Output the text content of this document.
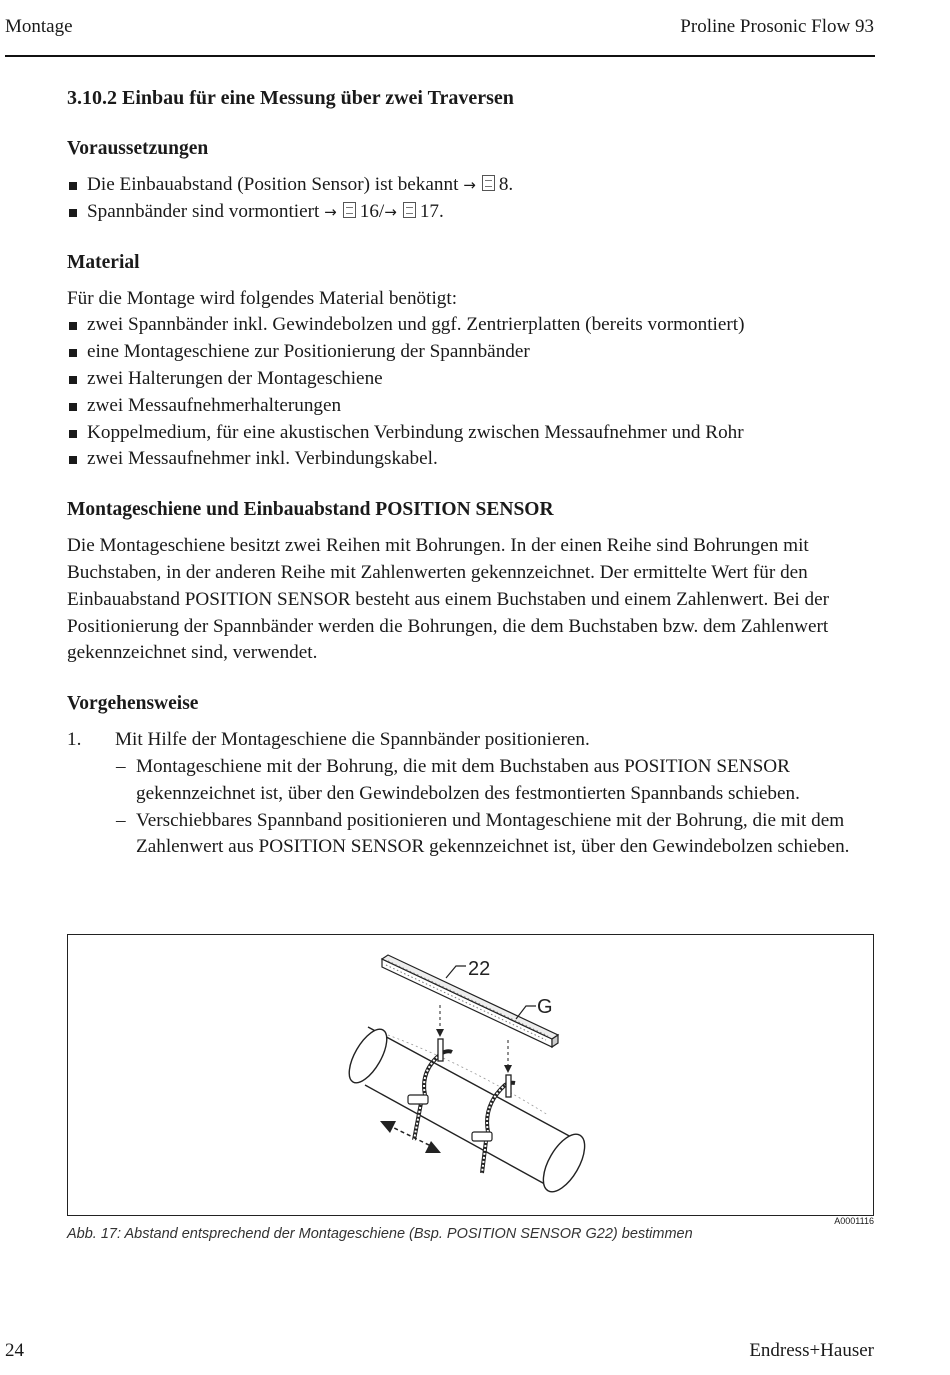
Montage	Proline Prosonic Flow 93
3.10.2 Einbau für eine Messung über zwei Traversen
Voraussetzungen
Die Einbauabstand (Position Sensor) ist bekannt → 8.
Spannbänder sind vormontiert → 16/→ 17.
Material

Für die Montage wird folgendes Material benötigt:

zwei Spannbänder inkl. Gewindebolzen und ggf. Zentrierplatten (bereits vormontiert)
eine Montageschiene zur Positionierung der Spannbänder
zwei Halterungen der Montageschiene
zwei Messaufnehmerhalterungen
Koppelmedium, für eine akustischen Verbindung zwischen Messaufnehmer und Rohr
zwei Messaufnehmer inkl. Verbindungskabel.
Montageschiene und Einbauabstand POSITION SENSOR

Die Montageschiene besitzt zwei Reihen mit Bohrungen. In der einen Reihe sind Bohrungen mit Buchstaben, in der anderen Reihe mit Zahlenwerten gekennzeichnet. Der ermittelte Wert für den Einbauabstand POSITION SENSOR besteht aus einem Buchstaben und einem Zahlenwert. Bei der Positionierung der Spannbänder werden die Bohrungen, die dem Buchstaben bzw. dem Zahlenwert gekennzeichnet sind, verwendet.

Vorgehensweise
1. Mit Hilfe der Montageschiene die Spannbänder positionieren.
– Montageschiene mit der Bohrung, die mit dem Buchstaben aus POSITION SENSOR gekennzeichnet ist, über den Gewindebolzen des festmontierten Spannbands schieben.
– Verschiebbares Spannband positionieren und Montageschiene mit der Bohrung, die mit dem Zahlenwert aus POSITION SENSOR gekennzeichnet ist, über den Gewindebolzen schieben.
22
G
A0001116
Abb. 17: Abstand entsprechend der Montageschiene (Bsp. POSITION SENSOR G22) bestimmen
24	Endress+Hauser
